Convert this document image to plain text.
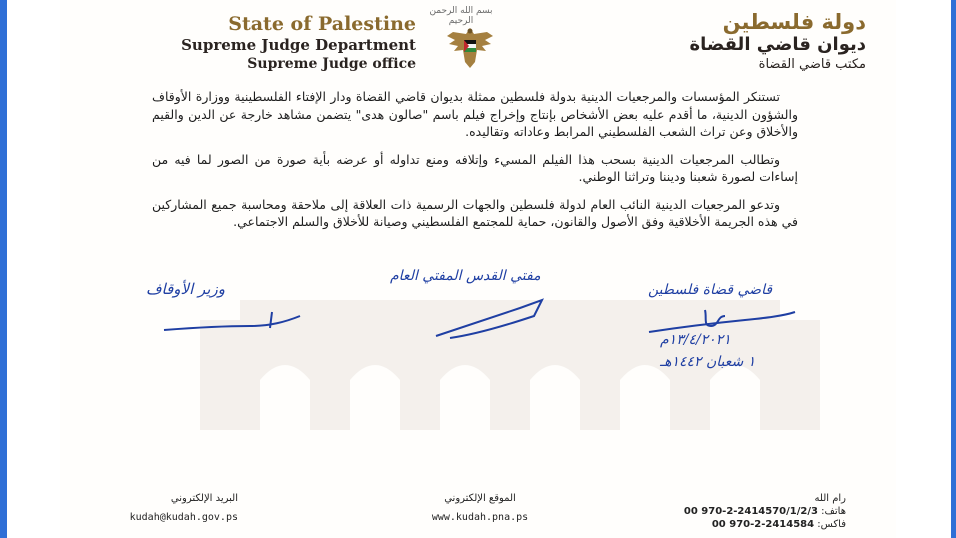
State of Palestine
Supreme Judge Department
Supreme Judge office
بسم الله الرحمن الرحيم	دولة فلسطين
ديوان قاضي القضاة
مكتب قاضي القضاة

تستنكر المؤسسات والمرجعيات الدينية بدولة فلسطين ممثلة بديوان قاضي القضاة ودار الإفتاء الفلسطينية ووزارة الأوقاف والشؤون الدينية، ما أقدم عليه بعض الأشخاص بإنتاج وإخراج فيلم باسم "صالون هدى" يتضمن مشاهد خارجة عن الدين والقيم والأخلاق وعن تراث الشعب الفلسطيني المرابط وعاداته وتقاليده.

وتطالب المرجعيات الدينية بسحب هذا الفيلم المسيء وإتلافه ومنع تداوله أو عرضه بأية صورة من الصور لما فيه من إساءات لصورة شعبنا وديننا وتراثنا الوطني.

وتدعو المرجعيات الدينية النائب العام لدولة فلسطين والجهات الرسمية ذات العلاقة إلى ملاحقة ومحاسبة جميع المشاركين في هذه الجريمة الأخلاقية وفق الأصول والقانون، حماية للمجتمع الفلسطيني وصيانة للأخلاق والسلم الاجتماعي.

وزير الأوقاف
مفتي القدس المفتي العام
قاضي قضاة فلسطين
١٣/٤/٢٠٢١م
١ شعبان ١٤٤٢هـ
البريد الإلكتروني
kudah@kudah.gov.ps
الموقع الإلكتروني
www.kudah.pna.ps
رام الله
هاتف: 00 970-2-2414570/1/2/3
فاكس: 00 970-2-2414584
